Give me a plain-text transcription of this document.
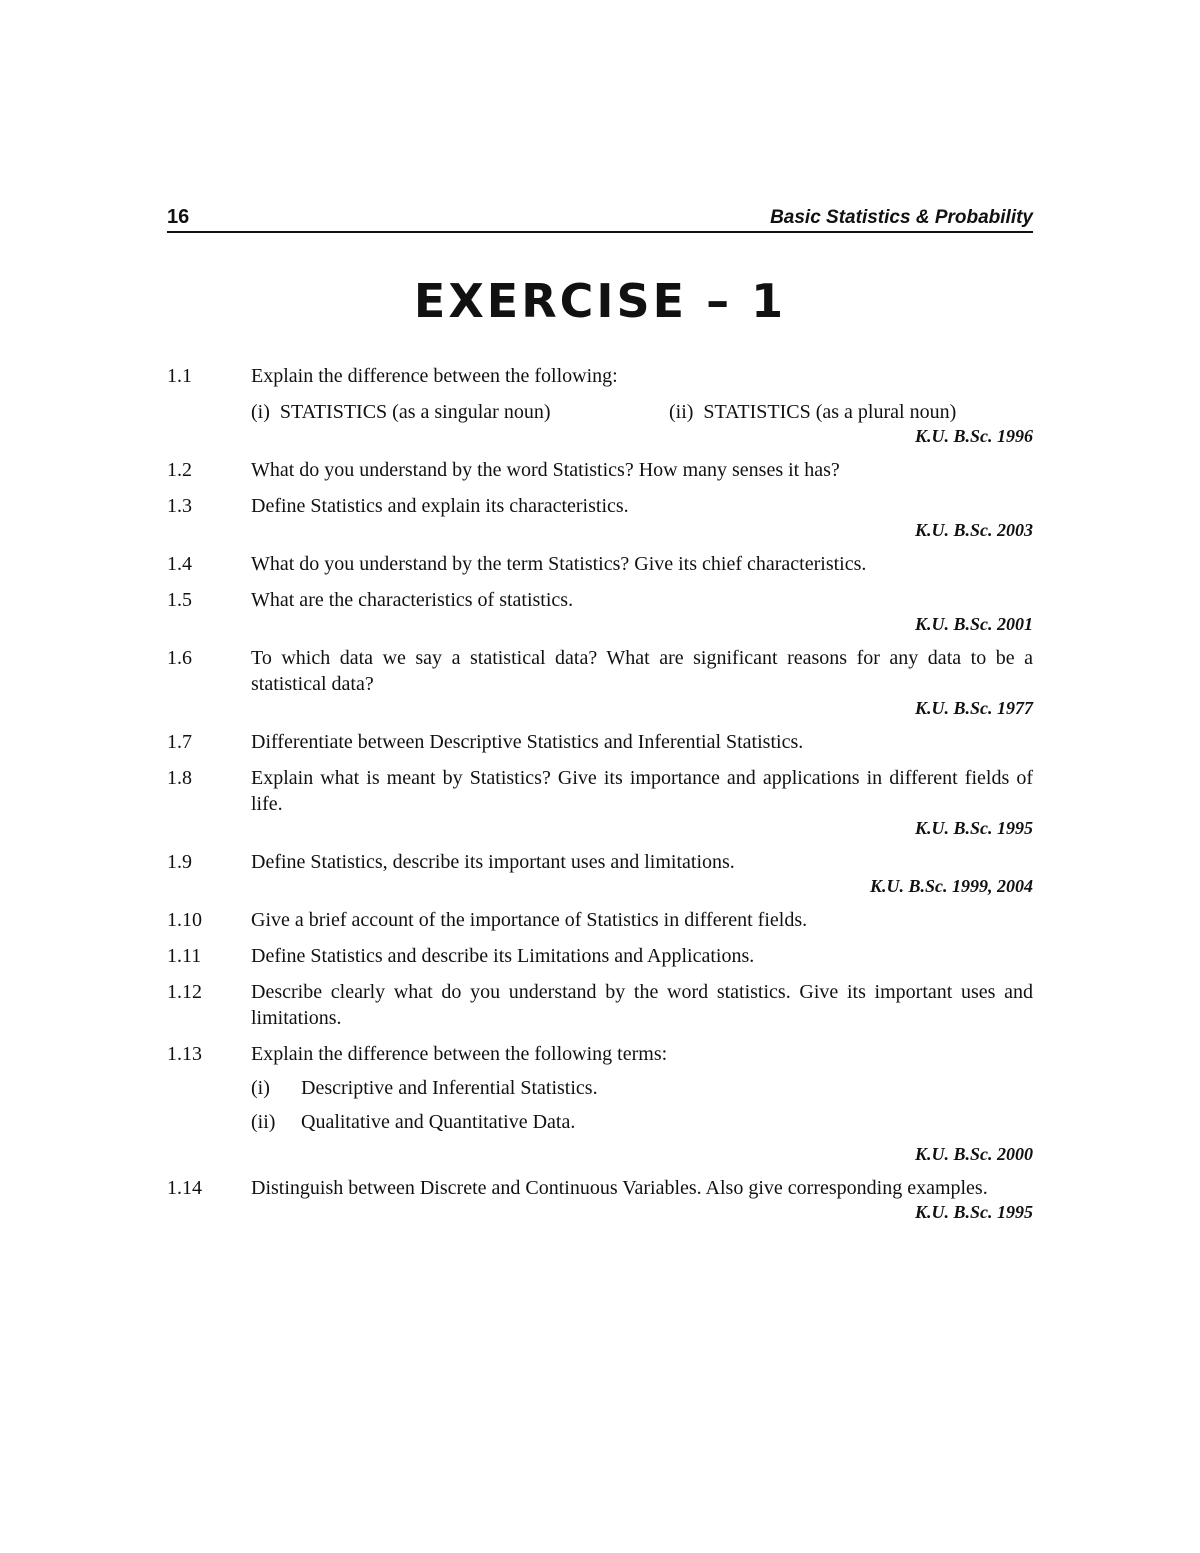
16	Basic Statistics & Probability
EXERCISE – 1
1.1	Explain the difference between the following:
(i)  STATISTICS (as a singular noun)	(ii)  STATISTICS (as a plural noun)
K.U. B.Sc. 1996
1.2	What do you understand by the word Statistics? How many senses it has?
1.3	Define Statistics and explain its characteristics.
K.U. B.Sc. 2003
1.4	What do you understand by the term Statistics? Give its chief characteristics.
1.5	What are the characteristics of statistics.
K.U. B.Sc. 2001
1.6	To which data we say a statistical data? What are significant reasons for any data to be a statistical data?
K.U. B.Sc. 1977
1.7	Differentiate between Descriptive Statistics and Inferential Statistics.
1.8	Explain what is meant by Statistics? Give its importance and applications in different fields of life.
K.U. B.Sc. 1995
1.9	Define Statistics, describe its important uses and limitations.
K.U. B.Sc. 1999, 2004
1.10	Give a brief account of the importance of Statistics in different fields.
1.11	Define Statistics and describe its Limitations and Applications.
1.12	Describe clearly what do you understand by the word statistics. Give its important uses and limitations.
1.13	Explain the difference between the following terms:
(i) Descriptive and Inferential Statistics.
(ii) Qualitative and Quantitative Data.
K.U. B.Sc. 2000
1.14	Distinguish between Discrete and Continuous Variables. Also give corresponding examples.
K.U. B.Sc. 1995
